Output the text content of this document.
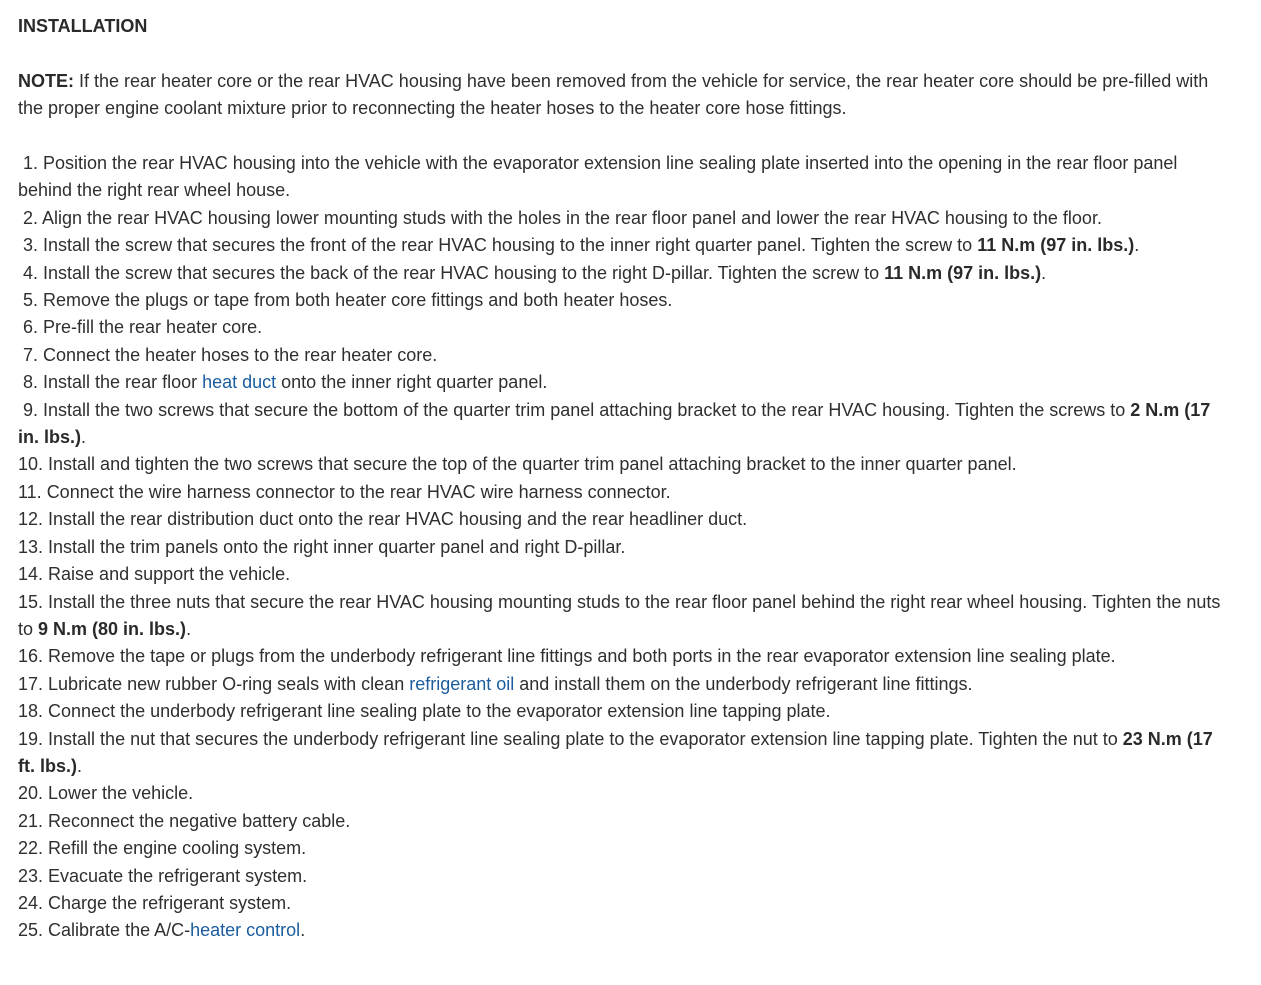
INSTALLATION
NOTE: If the rear heater core or the rear HVAC housing have been removed from the vehicle for service, the rear heater core should be pre-filled with the proper engine coolant mixture prior to reconnecting the heater hoses to the heater core hose fittings.
1. Position the rear HVAC housing into the vehicle with the evaporator extension line sealing plate inserted into the opening in the rear floor panel behind the right rear wheel house.
2. Align the rear HVAC housing lower mounting studs with the holes in the rear floor panel and lower the rear HVAC housing to the floor.
3. Install the screw that secures the front of the rear HVAC housing to the inner right quarter panel. Tighten the screw to 11 N.m (97 in. lbs.).
4. Install the screw that secures the back of the rear HVAC housing to the right D-pillar. Tighten the screw to 11 N.m (97 in. lbs.).
5. Remove the plugs or tape from both heater core fittings and both heater hoses.
6. Pre-fill the rear heater core.
7. Connect the heater hoses to the rear heater core.
8. Install the rear floor heat duct onto the inner right quarter panel.
9. Install the two screws that secure the bottom of the quarter trim panel attaching bracket to the rear HVAC housing. Tighten the screws to 2 N.m (17 in. lbs.).
10. Install and tighten the two screws that secure the top of the quarter trim panel attaching bracket to the inner quarter panel.
11. Connect the wire harness connector to the rear HVAC wire harness connector.
12. Install the rear distribution duct onto the rear HVAC housing and the rear headliner duct.
13. Install the trim panels onto the right inner quarter panel and right D-pillar.
14. Raise and support the vehicle.
15. Install the three nuts that secure the rear HVAC housing mounting studs to the rear floor panel behind the right rear wheel housing. Tighten the nuts to 9 N.m (80 in. lbs.).
16. Remove the tape or plugs from the underbody refrigerant line fittings and both ports in the rear evaporator extension line sealing plate.
17. Lubricate new rubber O-ring seals with clean refrigerant oil and install them on the underbody refrigerant line fittings.
18. Connect the underbody refrigerant line sealing plate to the evaporator extension line tapping plate.
19. Install the nut that secures the underbody refrigerant line sealing plate to the evaporator extension line tapping plate. Tighten the nut to 23 N.m (17 ft. lbs.).
20. Lower the vehicle.
21. Reconnect the negative battery cable.
22. Refill the engine cooling system.
23. Evacuate the refrigerant system.
24. Charge the refrigerant system.
25. Calibrate the A/C-heater control.
